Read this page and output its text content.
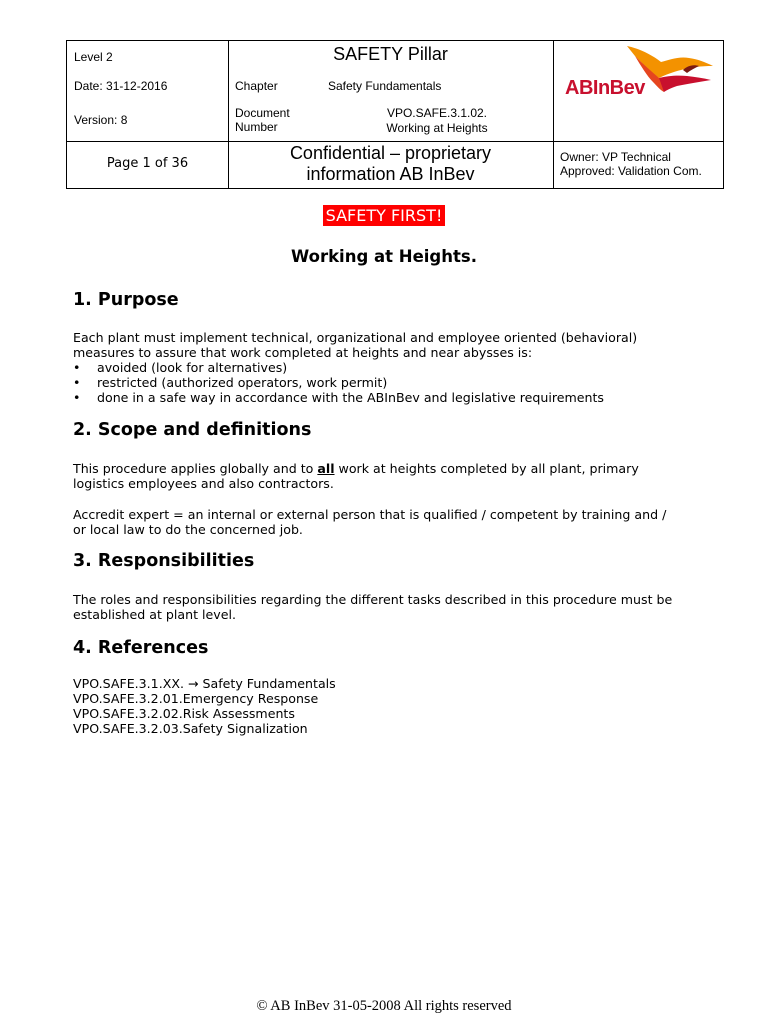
Level 2
Date: 31-12-2016
Version: 8
Page 1 of 36
SAFETY Pillar
Chapter	Safety Fundamentals
Document
Number
VPO.SAFE.3.1.02.
Working at Heights
Confidential – proprietary
information AB InBev
Owner: VP Technical
Approved: Validation Com.
ABInBev
SAFETY FIRST!
Working at Heights.
1. Purpose
Each plant must implement technical, organizational and employee oriented (behavioral)
measures to assure that work completed at heights and near abysses is:
• avoided (look for alternatives)
• restricted (authorized operators, work permit)
• done in a safe way in accordance with the ABInBev and legislative requirements
2. Scope and definitions
This procedure applies globally and to all work at heights completed by all plant, primary
logistics employees and also contractors.
Accredit expert = an internal or external person that is qualified / competent by training and /
or local law to do the concerned job.
3. Responsibilities
The roles and responsibilities regarding the different tasks described in this procedure must be
established at plant level.
4. References
VPO.SAFE.3.1.XX. → Safety Fundamentals
VPO.SAFE.3.2.01.Emergency Response
VPO.SAFE.3.2.02.Risk Assessments
VPO.SAFE.3.2.03.Safety Signalization
© AB InBev 31-05-2008 All rights reserved
